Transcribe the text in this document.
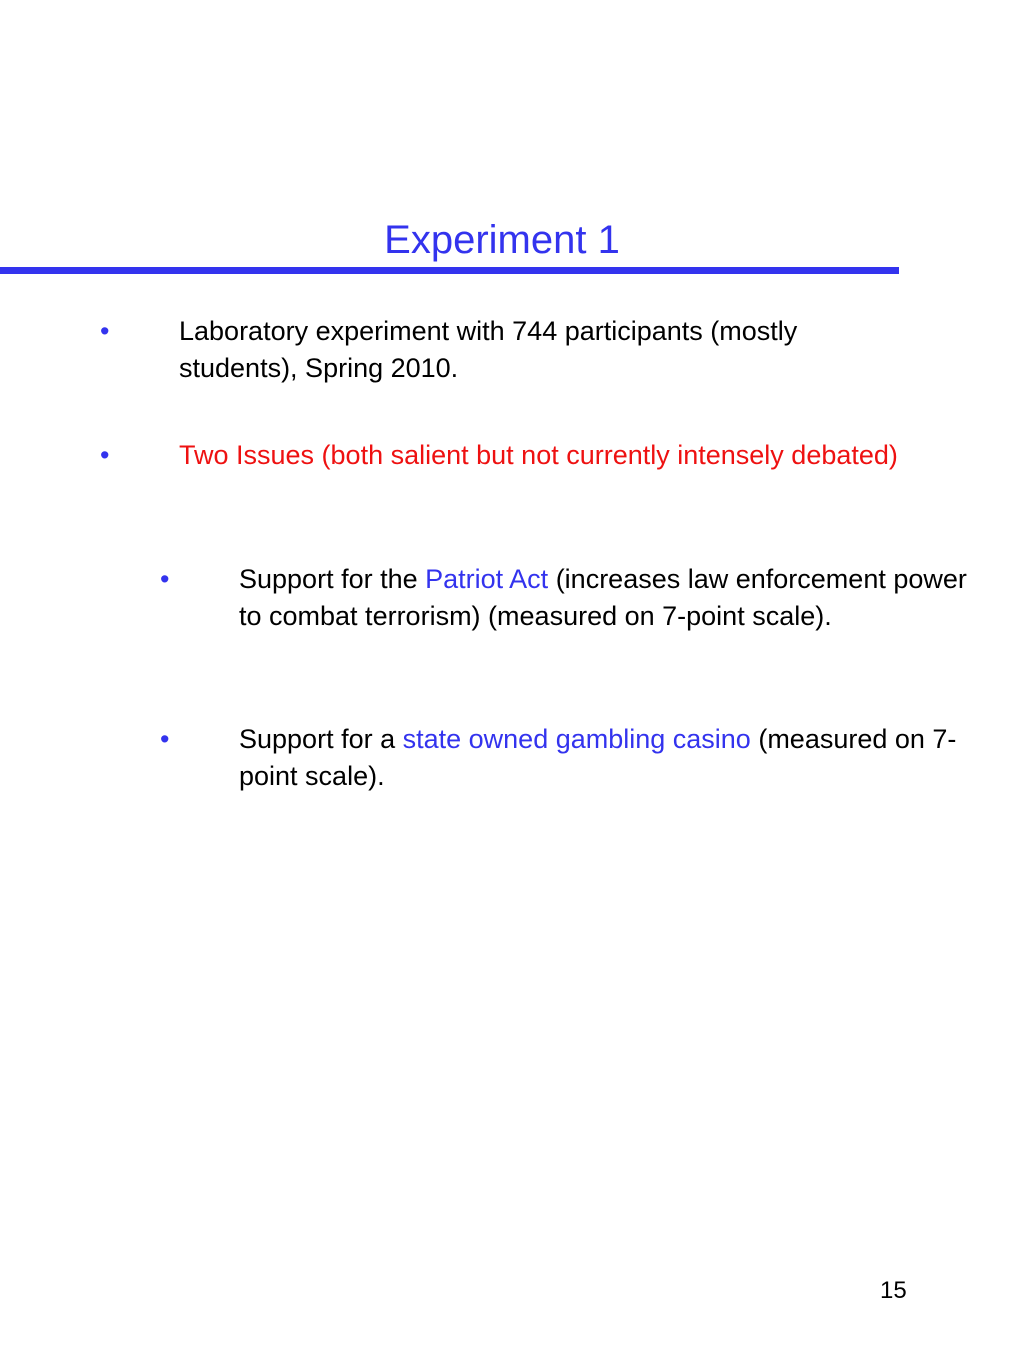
Experiment 1
•	Laboratory experiment with 744 participants (mostly students), Spring 2010.
•	Two Issues (both salient but not currently intensely debated)
•	Support for the Patriot Act (increases law enforcement power to combat terrorism) (measured on 7-point scale).
•	Support for a state owned gambling casino (measured on 7-point scale).
15
